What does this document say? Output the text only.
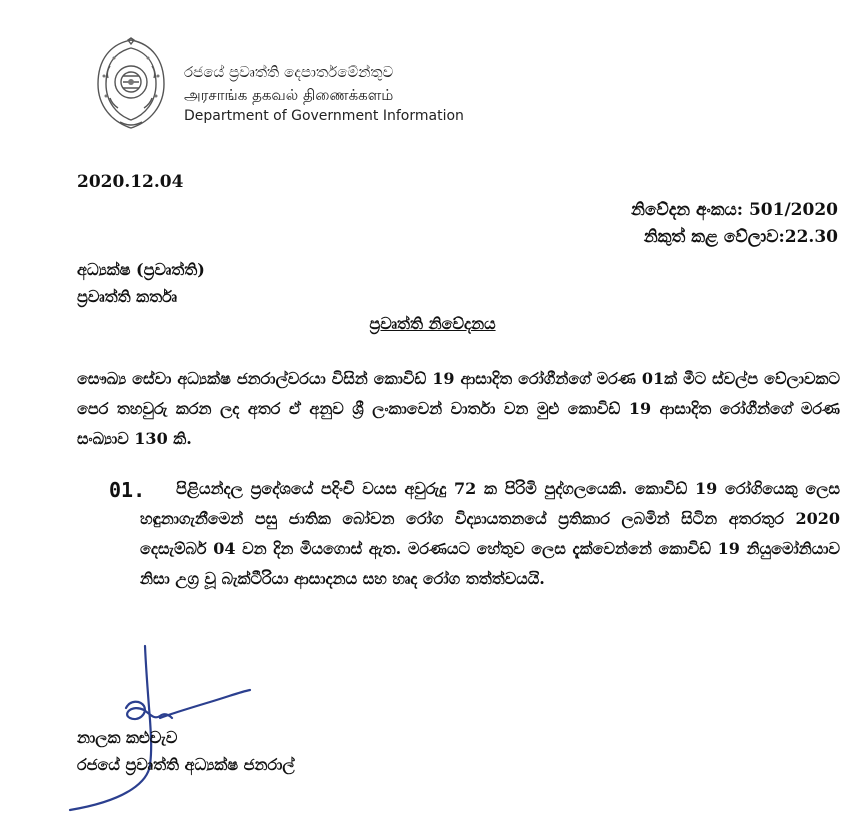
රජයේ ප්‍රවෘත්ති දෙපාර්තමේන්තුව
அரசாங்க தகவல் திணைக்களம்
Department of Government Information
2020.12.04
නිවේදන අංකය: 501/2020
නිකුත් කළ වේලාව:22.30
අධ්‍යක්ෂ (ප්‍රවෘත්ති)
ප්‍රවෘත්ති කර්තෘ
ප්‍රවෘත්ති නිවේදනය
සෞඛ්‍ය සේවා අධ්‍යක්ෂ ජනරාල්වරයා විසින් කොවිඩ් 19 ආසාදිත රෝගීන්ගේ මරණ 01ක් මීට ස්වල්ප වේලාවකට පෙර තහවුරු කරන ලද අතර ඒ අනුව ශ්‍රී ලංකාවෙන් වාර්තා වන මුළු කොවිඩ් 19 ආසාදිත රෝගීන්ගේ මරණ සංඛ්‍යාව 130 කි.
01.	පිළියන්දල ප්‍රදේශයේ පදිංචි වයස අවුරුදු 72 ක පිරිමි පුද්ගලයෙකි. කොවිඩ් 19 රෝගියෙකු ලෙස හඳුනාගැනීමෙන් පසු ජාතික බෝවන රෝග විද්‍යායතනයේ ප්‍රතිකාර ලබමින් සිටින අතරතුර 2020 දෙසැම්බර් 04 වන දින මියගොස් ඇත. මරණයට හේතුව ලෙස දැක්වෙන්නේ කොවිඩ් 19 නියුමෝනියාව නිසා උග්‍ර වූ බැක්ටීරියා ආසාදනය සහ හෘද රෝග තත්ත්වයයි.
නාලක කළුවැව
රජයේ ප්‍රවෘත්ති අධ්‍යක්ෂ ජනරාල්
